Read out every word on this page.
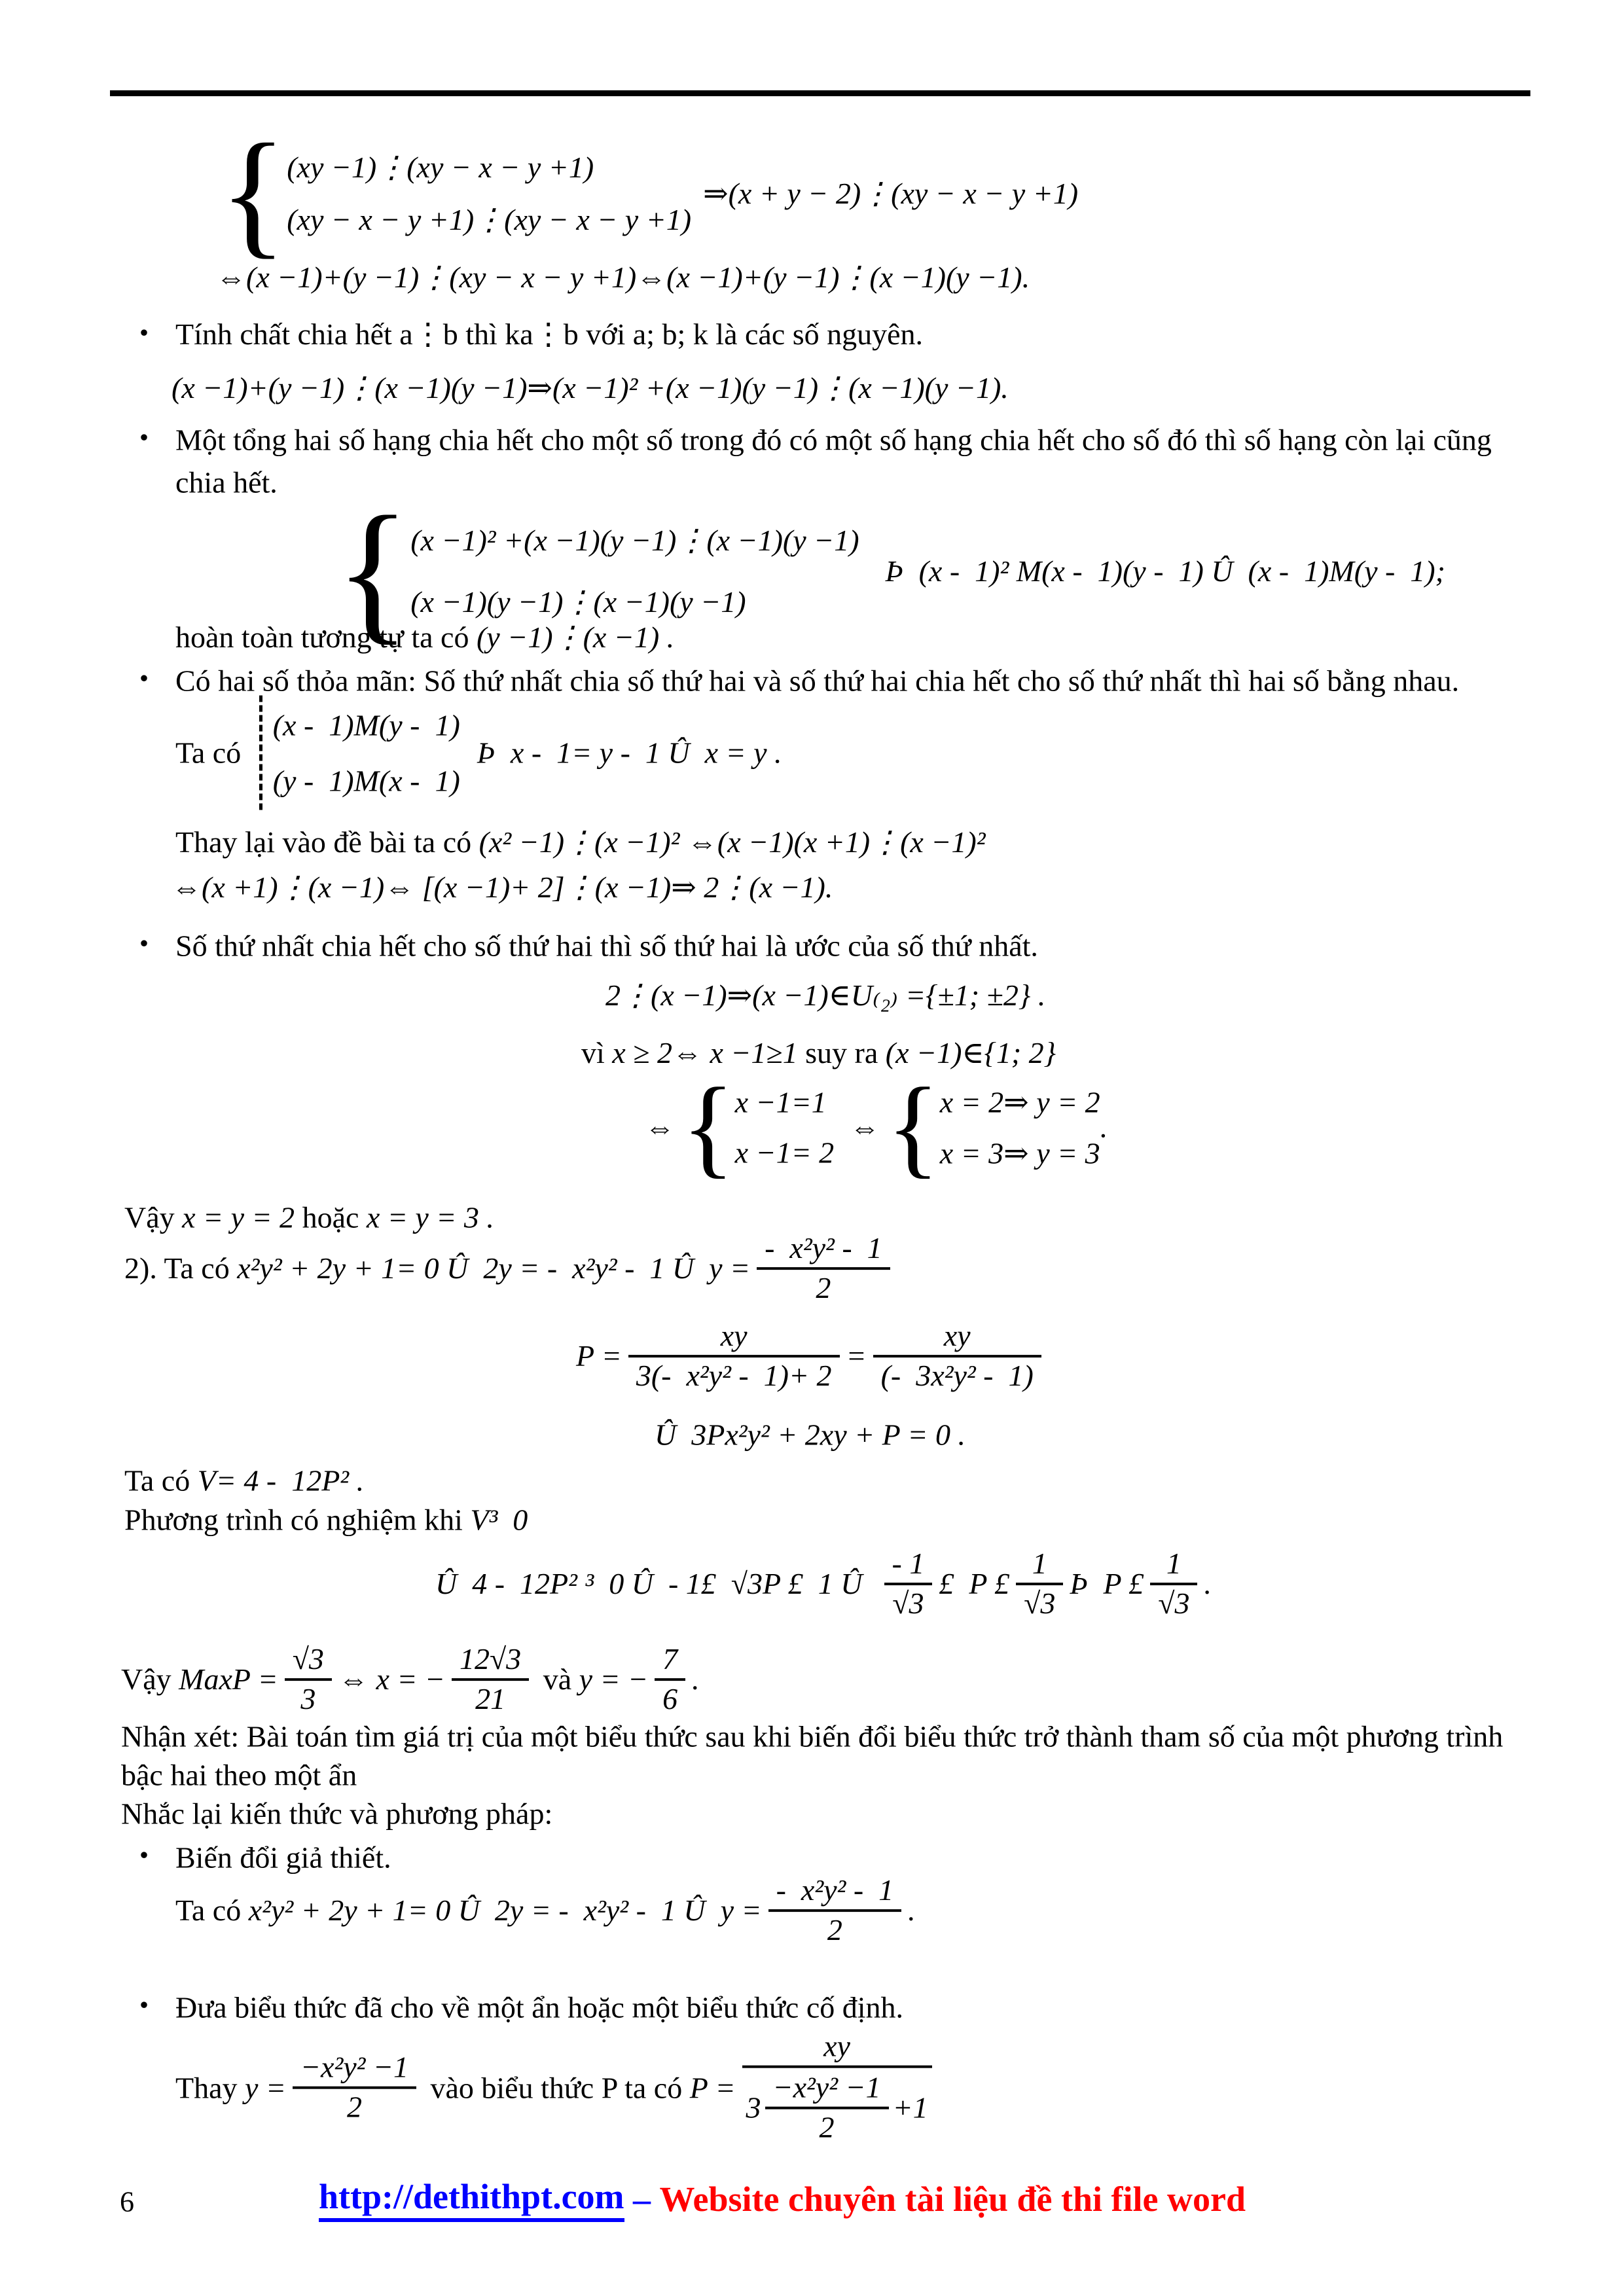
{ (xy −1)⋮(xy − x − y +1)
(xy − x − y +1)⋮(xy − x − y +1)
⇒(x + y − 2)⋮(xy − x − y +1)
⇔(x −1)+(y −1)⋮(xy − x − y +1)⇔(x −1)+(y −1)⋮(x −1)(y −1).
• Tính chất chia hết a⋮b thì ka⋮b với a; b; k là các số nguyên.
(x −1)+(y −1)⋮(x −1)(y −1)⇒(x −1)² +(x −1)(y −1)⋮(x −1)(y −1).
• Một tổng hai số hạng chia hết cho một số trong đó có một số hạng chia hết cho số đó thì số hạng còn lại cũng
chia hết.
{ (x −1)² +(x −1)(y −1)⋮(x −1)(y −1)
(x −1)(y −1)⋮(x −1)(y −1)
Þ  (x -  1)² M(x -  1)(y -  1) Û  (x -  1)M(y -  1);
hoàn toàn tương tự ta có (y −1)⋮(x −1) .
• Có hai số thỏa mãn: Số thứ nhất chia số thứ hai và số thứ hai chia hết cho số thứ nhất thì hai số bằng nhau.
Ta có
(x -  1)M(y -  1)
(y -  1)M(x -  1)
Þ  x -  1= y -  1 Û  x = y .
Thay lại vào đề bài ta có (x² −1)⋮(x −1)² ⇔(x −1)(x +1)⋮(x −1)²
⇔(x +1)⋮(x −1)⇔ [(x −1)+ 2]⋮(x −1)⇒ 2⋮(x −1).
• Số thứ nhất chia hết cho số thứ hai thì số thứ hai là ước của số thứ nhất.
2⋮(x −1)⇒(x −1)∈U₍₂₎ ={±1; ±2} .
vì x ≥ 2⇔ x −1≥1 suy ra (x −1)∈{1; 2}
⇔ { x −1=1
x −1= 2
⇔ { x = 2⇒ y = 2
x = 3⇒ y = 3
.
Vậy x = y = 2 hoặc x = y = 3 .
2). Ta có x²y² + 2y + 1= 0 Û  2y = -  x²y² -  1 Û  $y = \frac{\text{-  x²y² -  1}}{2}$
$P = \frac{xy}{\text{3(-  x²y² -  1)+ 2}} = \frac{xy}{\text{(-  3x²y² -  1)}}$
Û  3Px²y² + 2xy + P = 0 .
Ta có V= 4 -  12P² .
Phương trình có nghiệm khi V³  0
Û  4 -  12P² ³  0 Û  - 1£  √3P £  1 Û $\frac{- 1}{√3}$ £  P £ $\frac{1}{√3}$ Þ  P £ $\frac{1}{√3}$ .
Vậy MaxP = $\frac{√3}{3}$ ⇔ x = − $\frac{12√3}{21}$ và y = − $\frac{7}{6}$ .
Nhận xét: Bài toán tìm giá trị của một biểu thức sau khi biến đổi biểu thức trở thành tham số của một phương trình
bậc hai theo một ẩn
Nhắc lại kiến thức và phương pháp:
• Biến đổi giả thiết.
Ta có x²y² + 2y + 1= 0 Û  2y = -  x²y² -  1 Û  $y = \frac{\text{-  x²y² -  1}}{2}$ .
• Đưa biểu thức đã cho về một ẩn hoặc một biểu thức cố định.
Thay $y = \frac{\text{−x²y² −1}}{2}$ vào biểu thức P ta có P =
xy
$3 \frac{\text{−x²y² −1}}{2} +1$
6	http://dethithpt.com – Website chuyên tài liệu đề thi file word
